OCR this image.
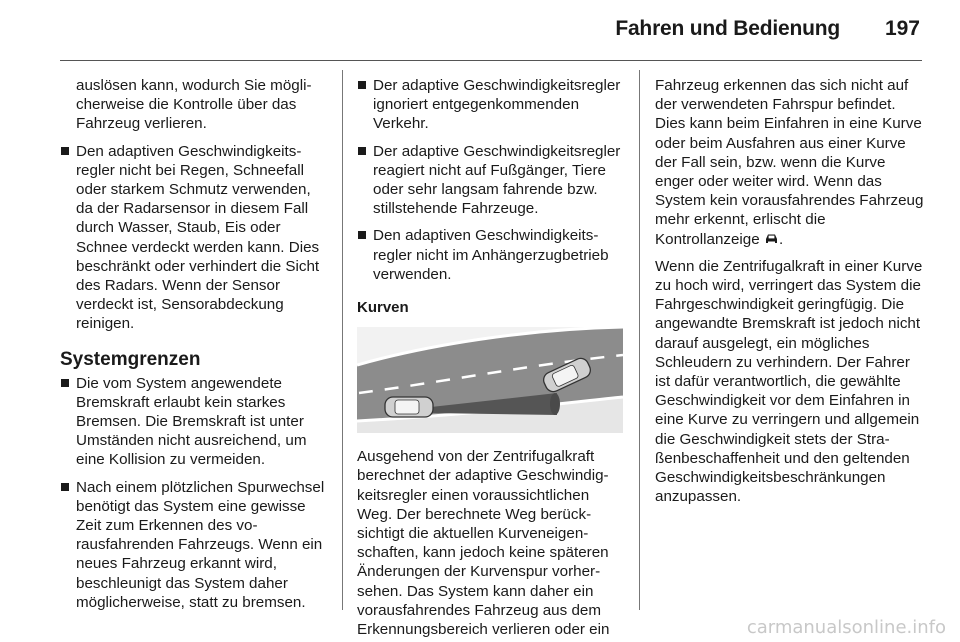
Fahren und Bedienung 197

auslösen kann, wodurch Sie möglicherweise die Kontrolle über das Fahrzeug verlieren.

Den adaptiven Geschwindigkeitsregler nicht bei Regen, Schneefall oder starkem Schmutz verwenden, da der Radarsensor in diesem Fall durch Wasser, Staub, Eis oder Schnee verdeckt werden kann. Dies beschränkt oder verhindert die Sicht des Radars. Wenn der Sensor verdeckt ist, Sensorabdeckung reinigen.
Systemgrenzen
Die vom System angewendete Bremskraft erlaubt kein starkes Bremsen. Die Bremskraft ist unter Umständen nicht ausreichend, um eine Kollision zu vermeiden.
Nach einem plötzlichen Spurwechsel benötigt das System eine gewisse Zeit zum Erkennen des vorausfahrenden Fahrzeugs. Wenn ein neues Fahrzeug erkannt wird, beschleunigt das System daher möglicherweise, statt zu bremsen.
Der adaptive Geschwindigkeitsregler ignoriert entgegenkommenden Verkehr.
Der adaptive Geschwindigkeitsregler reagiert nicht auf Fußgänger, Tiere oder sehr langsam fahrende bzw. stillstehende Fahrzeuge.
Den adaptiven Geschwindigkeitsregler nicht im Anhängerzugbetrieb verwenden.
Kurven

Ausgehend von der Zentrifugalkraft berechnet der adaptive Geschwindigkeitsregler einen voraussichtlichen Weg. Der berechnete Weg berücksichtigt die aktuellen Kurveneigenschaften, kann jedoch keine späteren Änderungen der Kurvenspur vorhersehen. Das System kann daher ein vorausfahrendes Fahrzeug aus dem Erkennungsbereich verlieren oder ein

Fahrzeug erkennen das sich nicht auf der verwendeten Fahrspur befindet. Dies kann beim Einfahren in eine Kurve oder beim Ausfahren aus einer Kurve der Fall sein, bzw. wenn die Kurve enger oder weiter wird. Wenn das System kein vorausfahrendes Fahrzeug mehr erkennt, erlischt die Kontrollanzeige .

Wenn die Zentrifugalkraft in einer Kurve zu hoch wird, verringert das System die Fahrgeschwindigkeit geringfügig. Die angewandte Bremskraft ist jedoch nicht darauf ausgelegt, ein mögliches Schleudern zu verhindern. Der Fahrer ist dafür verantwortlich, die gewählte Geschwindigkeit vor dem Einfahren in eine Kurve zu verringern und allgemein die Geschwindigkeit stets der Straßenbeschaffenheit und den geltenden Geschwindigkeitsbeschränkungen anzupassen.

carmanualsonline.info
